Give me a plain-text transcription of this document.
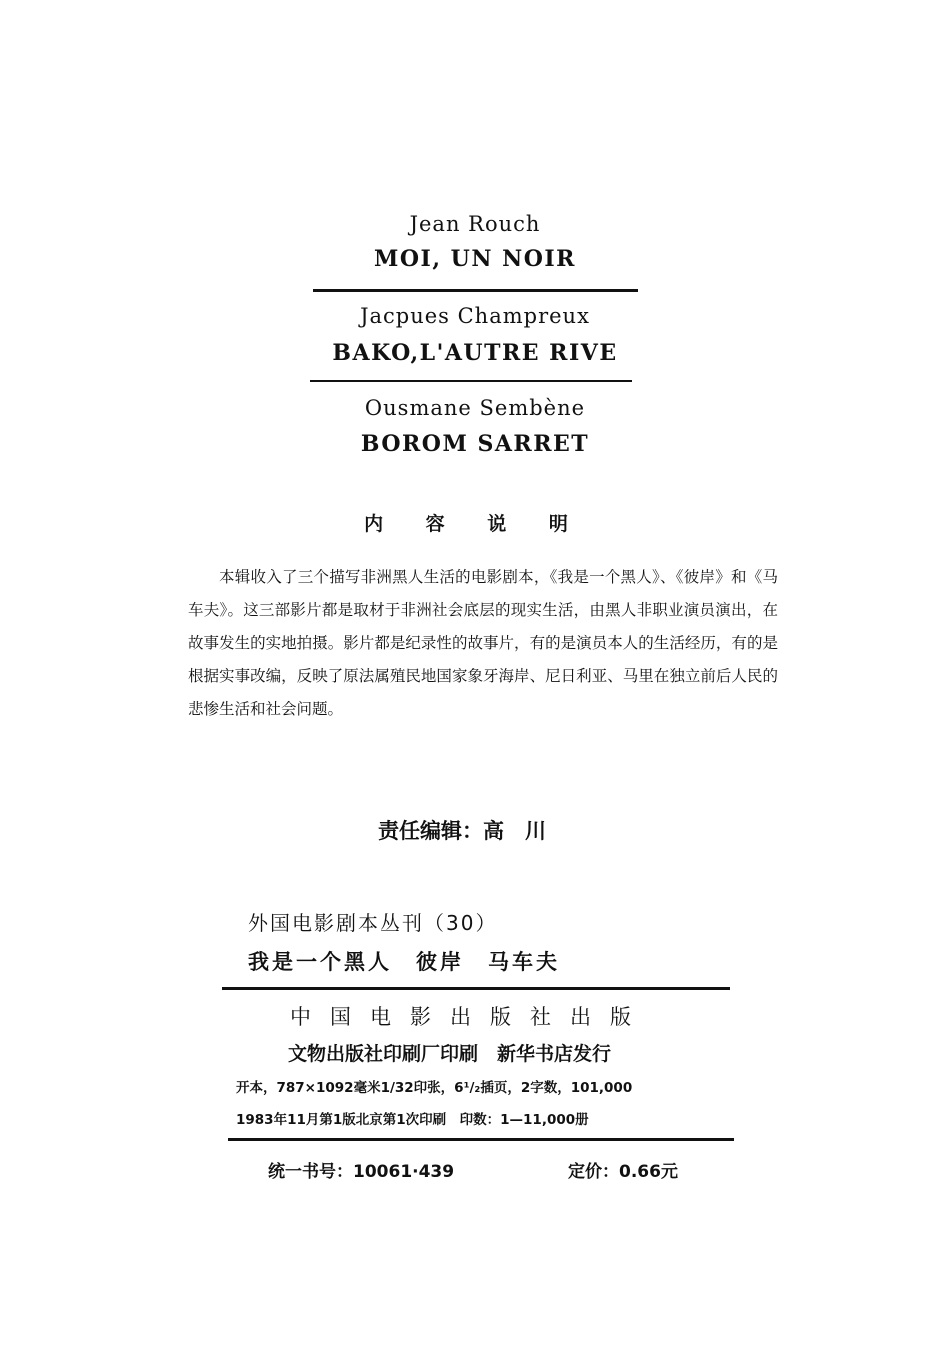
Jean Rouch
MOI, UN NOIR
Jacpues Champreux
BAKO,L'AUTRE RIVE
Ousmane Sembène
BOROM SARRET
内 容 说 明

本辑收入了三个描写非洲黑人生活的电影剧本，《我是一个黑人》、《彼岸》和《马车夫》。这三部影片都是取材于非洲社会底层的现实生活，由黑人非职业演员演出，在故事发生的实地拍摄。影片都是纪录性的故事片，有的是演员本人的生活经历，有的是根据实事改编，反映了原法属殖民地国家象牙海岸、尼日利亚、马里在独立前后人民的悲惨生活和社会问题。

责任编辑：高　川
外国电影剧本丛刊（30）
我是一个黑人　彼岸　马车夫
中国电影出版社出版
文物出版社印刷厂印刷　新华书店发行
开本，787×1092毫米1/32印张，6¹/₂插页，2字数，101,000
1983年11月第1版北京第1次印刷　印数：1—11,000册
统一书号：10061·439	定价：0.66元
